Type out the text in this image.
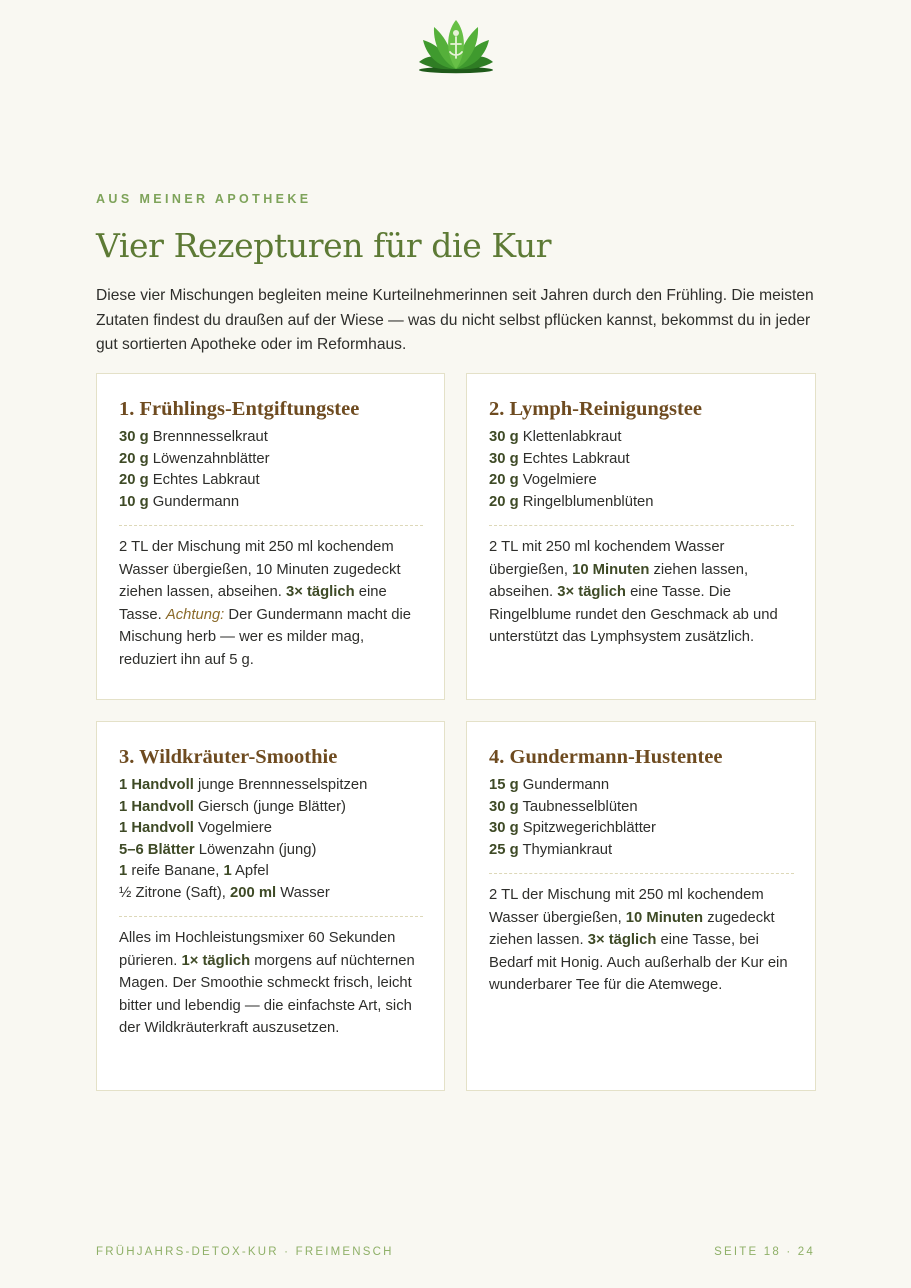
AUS MEINER APOTHEKE
Vier Rezepturen für die Kur

Diese vier Mischungen begleiten meine Kurteilnehmerinnen seit Jahren durch den Frühling. Die meisten Zutaten findest du draußen auf der Wiese — was du nicht selbst pflücken kannst, bekommst du in jeder gut sortierten Apotheke oder im Reformhaus.

1. Frühlings-Entgiftungstee
30 g Brennnesselkraut
20 g Löwenzahnblätter
20 g Echtes Labkraut
10 g Gundermann

2 TL der Mischung mit 250 ml kochendem Wasser übergießen, 10 Minuten zugedeckt ziehen lassen, abseihen. 3× täglich eine Tasse. Achtung: Der Gundermann macht die Mischung herb — wer es milder mag, reduziert ihn auf 5 g.

2. Lymph-Reinigungstee
30 g Klettenlabkraut
30 g Echtes Labkraut
20 g Vogelmiere
20 g Ringelblumenblüten

2 TL mit 250 ml kochendem Wasser übergießen, 10 Minuten ziehen lassen, abseihen. 3× täglich eine Tasse. Die Ringelblume rundet den Geschmack ab und unterstützt das Lymphsystem zusätzlich.

3. Wildkräuter-Smoothie
1 Handvoll junge Brennnesselspitzen
1 Handvoll Giersch (junge Blätter)
1 Handvoll Vogelmiere
5–6 Blätter Löwenzahn (jung)
1 reife Banane, 1 Apfel
½ Zitrone (Saft), 200 ml Wasser

Alles im Hochleistungsmixer 60 Sekunden pürieren. 1× täglich morgens auf nüchternen Magen. Der Smoothie schmeckt frisch, leicht bitter und lebendig — die einfachste Art, sich der Wildkräuterkraft auszusetzen.

4. Gundermann-Hustentee
15 g Gundermann
30 g Taubnesselblüten
30 g Spitzwegerichblätter
25 g Thymiankraut

2 TL der Mischung mit 250 ml kochendem Wasser übergießen, 10 Minuten zugedeckt ziehen lassen. 3× täglich eine Tasse, bei Bedarf mit Honig. Auch außerhalb der Kur ein wunderbarer Tee für die Atemwege.

FRÜHJAHRS-DETOX-KUR · FREIMENSCH	SEITE 18 · 24
